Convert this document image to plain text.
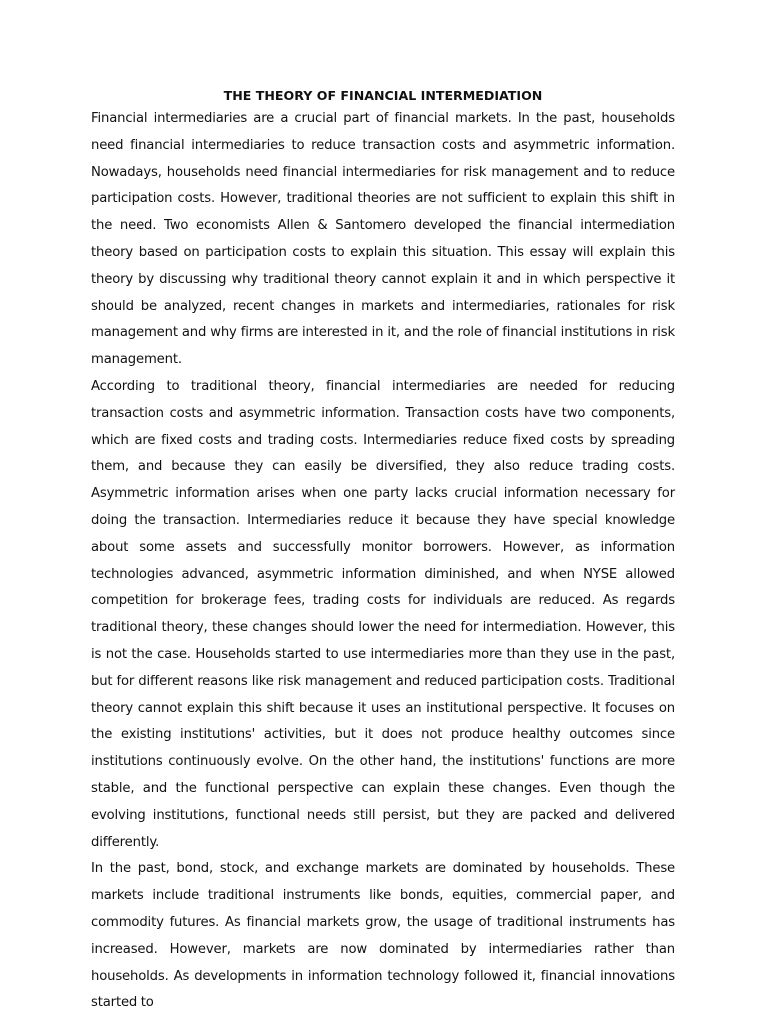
THE THEORY OF FINANCIAL INTERMEDIATION

Financial intermediaries are a crucial part of financial markets. In the past, households need financial intermediaries to reduce transaction costs and asymmetric information. Nowadays, households need financial intermediaries for risk management and to reduce participation costs. However, traditional theories are not sufficient to explain this shift in the need. Two economists Allen & Santomero developed the financial intermediation theory based on participation costs to explain this situation. This essay will explain this theory by discussing why traditional theory cannot explain it and in which perspective it should be analyzed, recent changes in markets and intermediaries, rationales for risk management and why firms are interested in it, and the role of financial institutions in risk management.

According to traditional theory, financial intermediaries are needed for reducing transaction costs and asymmetric information. Transaction costs have two components, which are fixed costs and trading costs. Intermediaries reduce fixed costs by spreading them, and because they can easily be diversified, they also reduce trading costs. Asymmetric information arises when one party lacks crucial information necessary for doing the transaction. Intermediaries reduce it because they have special knowledge about some assets and successfully monitor borrowers. However, as information technologies advanced, asymmetric information diminished, and when NYSE allowed competition for brokerage fees, trading costs for individuals are reduced. As regards traditional theory, these changes should lower the need for intermediation. However, this is not the case. Households started to use intermediaries more than they use in the past, but for different reasons like risk management and reduced participation costs. Traditional theory cannot explain this shift because it uses an institutional perspective. It focuses on the existing institutions' activities, but it does not produce healthy outcomes since institutions continuously evolve. On the other hand, the institutions' functions are more stable, and the functional perspective can explain these changes. Even though the evolving institutions, functional needs still persist, but they are packed and delivered differently.

In the past, bond, stock, and exchange markets are dominated by households. These markets include traditional instruments like bonds, equities, commercial paper, and commodity futures. As financial markets grow, the usage of traditional instruments has increased. However, markets are now dominated by intermediaries rather than households. As developments in information technology followed it, financial innovations started to
